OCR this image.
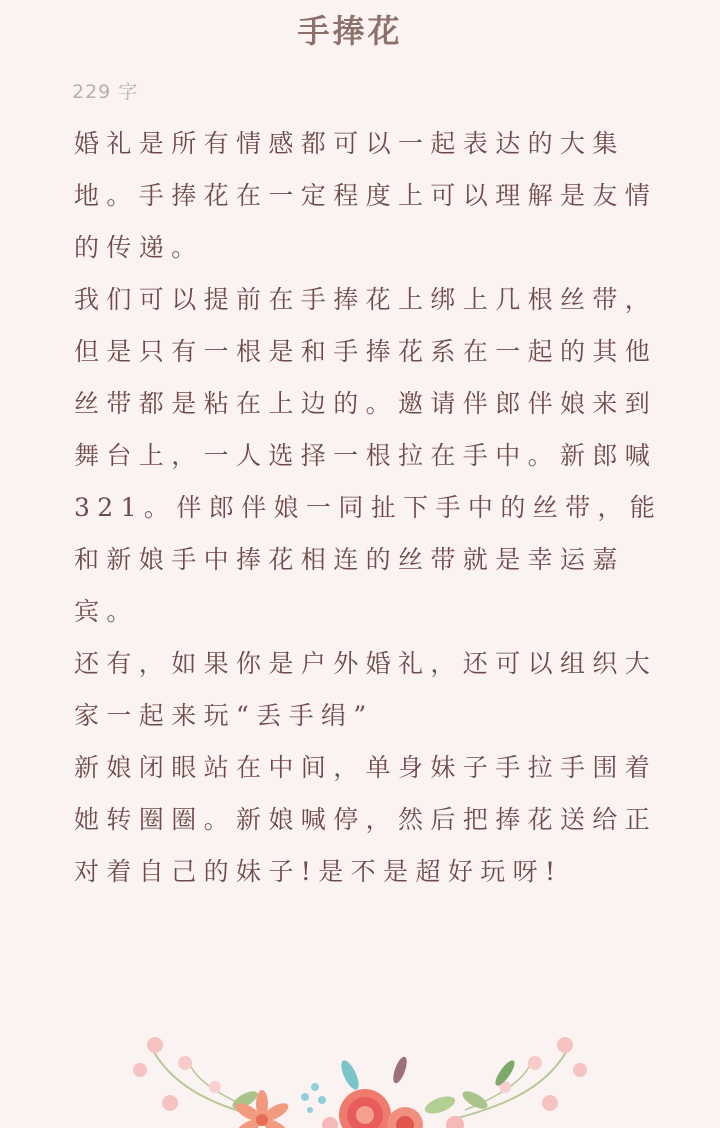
手捧花
229 字

婚礼是所有情感都可以一起表达的大集地。手捧花在一定程度上可以理解是友情的传递。

我们可以提前在手捧花上绑上几根丝带，但是只有一根是和手捧花系在一起的其他丝带都是粘在上边的。邀请伴郎伴娘来到舞台上，一人选择一根拉在手中。新郎喊321。伴郎伴娘一同扯下手中的丝带，能和新娘手中捧花相连的丝带就是幸运嘉宾。

还有，如果你是户外婚礼，还可以组织大家一起来玩“丢手绢”

新娘闭眼站在中间，单身妹子手拉手围着她转圈圈。新娘喊停，然后把捧花送给正对着自己的妹子!是不是超好玩呀!
